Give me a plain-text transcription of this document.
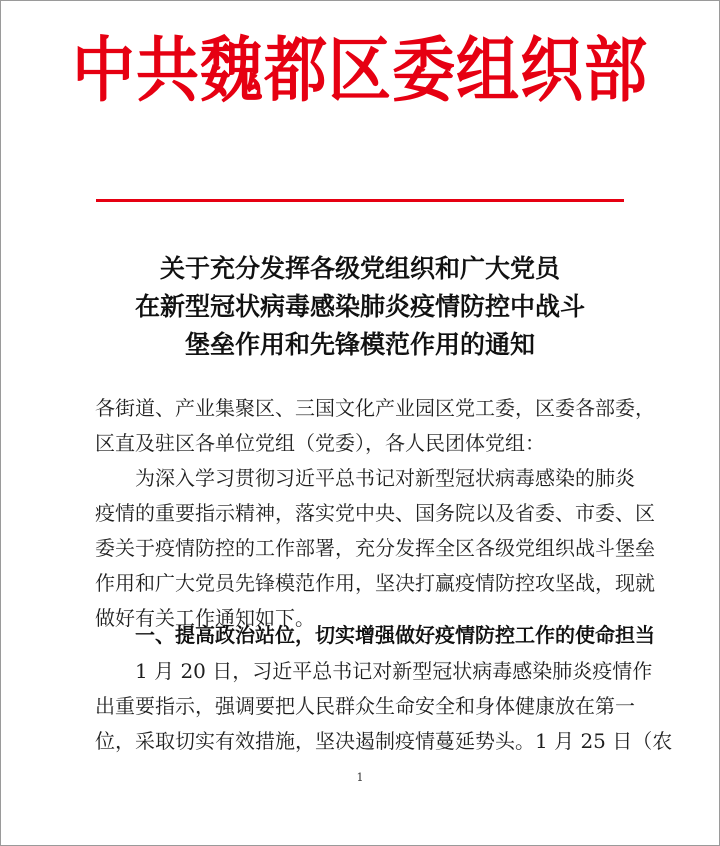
中共魏都区委组织部
关于充分发挥各级党组织和广大党员
在新型冠状病毒感染肺炎疫情防控中战斗
堡垒作用和先锋模范作用的通知
各街道、产业集聚区、三国文化产业园区党工委，区委各部委，
区直及驻区各单位党组（党委），各人民团体党组：
为深入学习贯彻习近平总书记对新型冠状病毒感染的肺炎
疫情的重要指示精神，落实党中央、国务院以及省委、市委、区
委关于疫情防控的工作部署，充分发挥全区各级党组织战斗堡垒
作用和广大党员先锋模范作用，坚决打赢疫情防控攻坚战，现就
做好有关工作通知如下。
一、提高政治站位，切实增强做好疫情防控工作的使命担当
1 月 20 日，习近平总书记对新型冠状病毒感染肺炎疫情作
出重要指示，强调要把人民群众生命安全和身体健康放在第一
位，采取切实有效措施，坚决遏制疫情蔓延势头。1 月 25 日（农
1
